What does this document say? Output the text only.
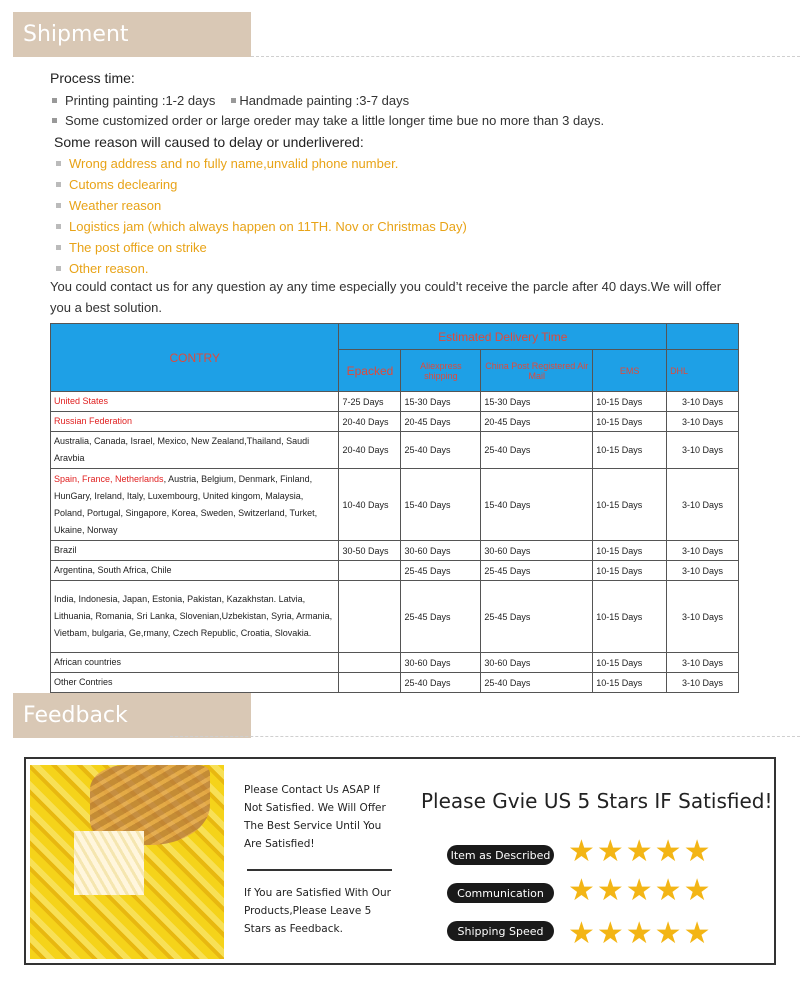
Shipment
Process time:
Printing painting :1-2 days Handmade painting :3-7 days
Some customized order or large oreder may take a little longer time bue no more than 3 days.
Some reason will caused to delay or underlivered:
Wrong address and no fully name,unvalid phone number.
Cutoms declearing
Weather reason
Logistics jam (which always happen on 11TH. Nov or Christmas Day)
The post office on strike
Other reason.
You could contact us for any question ay any time especially you could’t receive the parcle after 40 days.We will offer you a best solution.
CONTRY	Estimated Delivery Time				
	Epacked	Aliexpress shipping	China Post Registered Air Mail	EMS	DHL
United States	7-25 Days	15-30 Days	15-30 Days	10-15 Days	3-10 Days
Russian Federation	20-40 Days	20-45 Days	20-45 Days	10-15 Days	3-10 Days
Australia, Canada, Israel, Mexico, New Zealand,Thailand, Saudi Aravbia	20-40 Days	25-40 Days	25-40 Days	10-15 Days	3-10 Days
Spain, France, Netherlands, Austria, Belgium, Denmark, Finland, HunGary, Ireland, Italy, Luxembourg, United kingom, Malaysia, Poland, Portugal, Singapore, Korea, Sweden, Switzerland, Turket, Ukaine, Norway	10-40 Days	15-40 Days	15-40 Days	10-15 Days	3-10 Days
Brazil	30-50 Days	30-60 Days	30-60 Days	10-15 Days	3-10 Days
Argentina, South Africa, Chile		25-45 Days	25-45 Days	10-15 Days	3-10 Days
India, Indonesia, Japan, Estonia, Pakistan, Kazakhstan. Latvia, Lithuania, Romania, Sri Lanka, Slovenian,Uzbekistan, Syria, Armania, Vietbam, bulgaria, Ge,rmany, Czech Republic, Croatia, Slovakia.		25-45 Days	25-45 Days	10-15 Days	3-10 Days
African countries		30-60 Days	30-60 Days	10-15 Days	3-10 Days
Other Contries		25-40 Days	25-40 Days	10-15 Days	3-10 Days
Feedback
Please Contact Us ASAP If Not Satisfied. We Will Offer The Best Service Until You Are Satisfied!
If You are Satisfied With Our Products,Please Leave 5 Stars as Feedback.
Please Gvie US 5 Stars IF Satisfied!
Item as Described ★★★★★
Communication ★★★★★
Shipping Speed ★★★★★
